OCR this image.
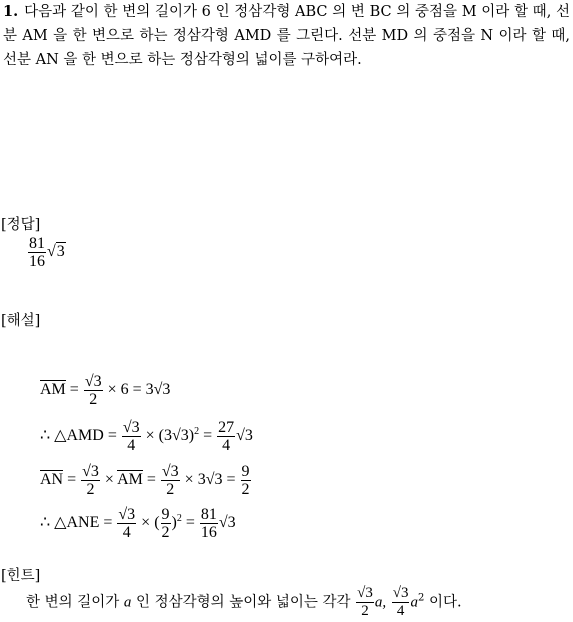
1. 다음과 같이 한 변의 길이가 6 인 정삼각형 ABC 의 변 BC 의 중점을 M 이라 할 때, 선분 AM 을 한 변으로 하는 정삼각형 AMD 를 그린다. 선분 MD 의 중점을 N 이라 할 때, 선분 AN 을 한 변으로 하는 정삼각형의 넓이를 구하여라.
[정답]
$\frac{81}{16} √3$
[해설]
AM = $\frac{√3}{2} \times 6 = 3√3$
∴ △AMD = $\frac{√3}{4} \times (3√3)^2 = \frac{27}{4} √3$
AN = $\frac{√3}{2}$ × AM = $\frac{√3}{2} \times 3√3 = \frac{9}{2}$
∴ △ANE = $\frac{√3}{4}$ × ( $\frac{9}{2} )^2 = \frac{81}{16} √3$
[힌트]
한 변의 길이가 a 인 정삼각형의 높이와 넓이는 각각 $\frac{√3}{2} a$, $\frac{√3}{4} a^2$ 이다.
